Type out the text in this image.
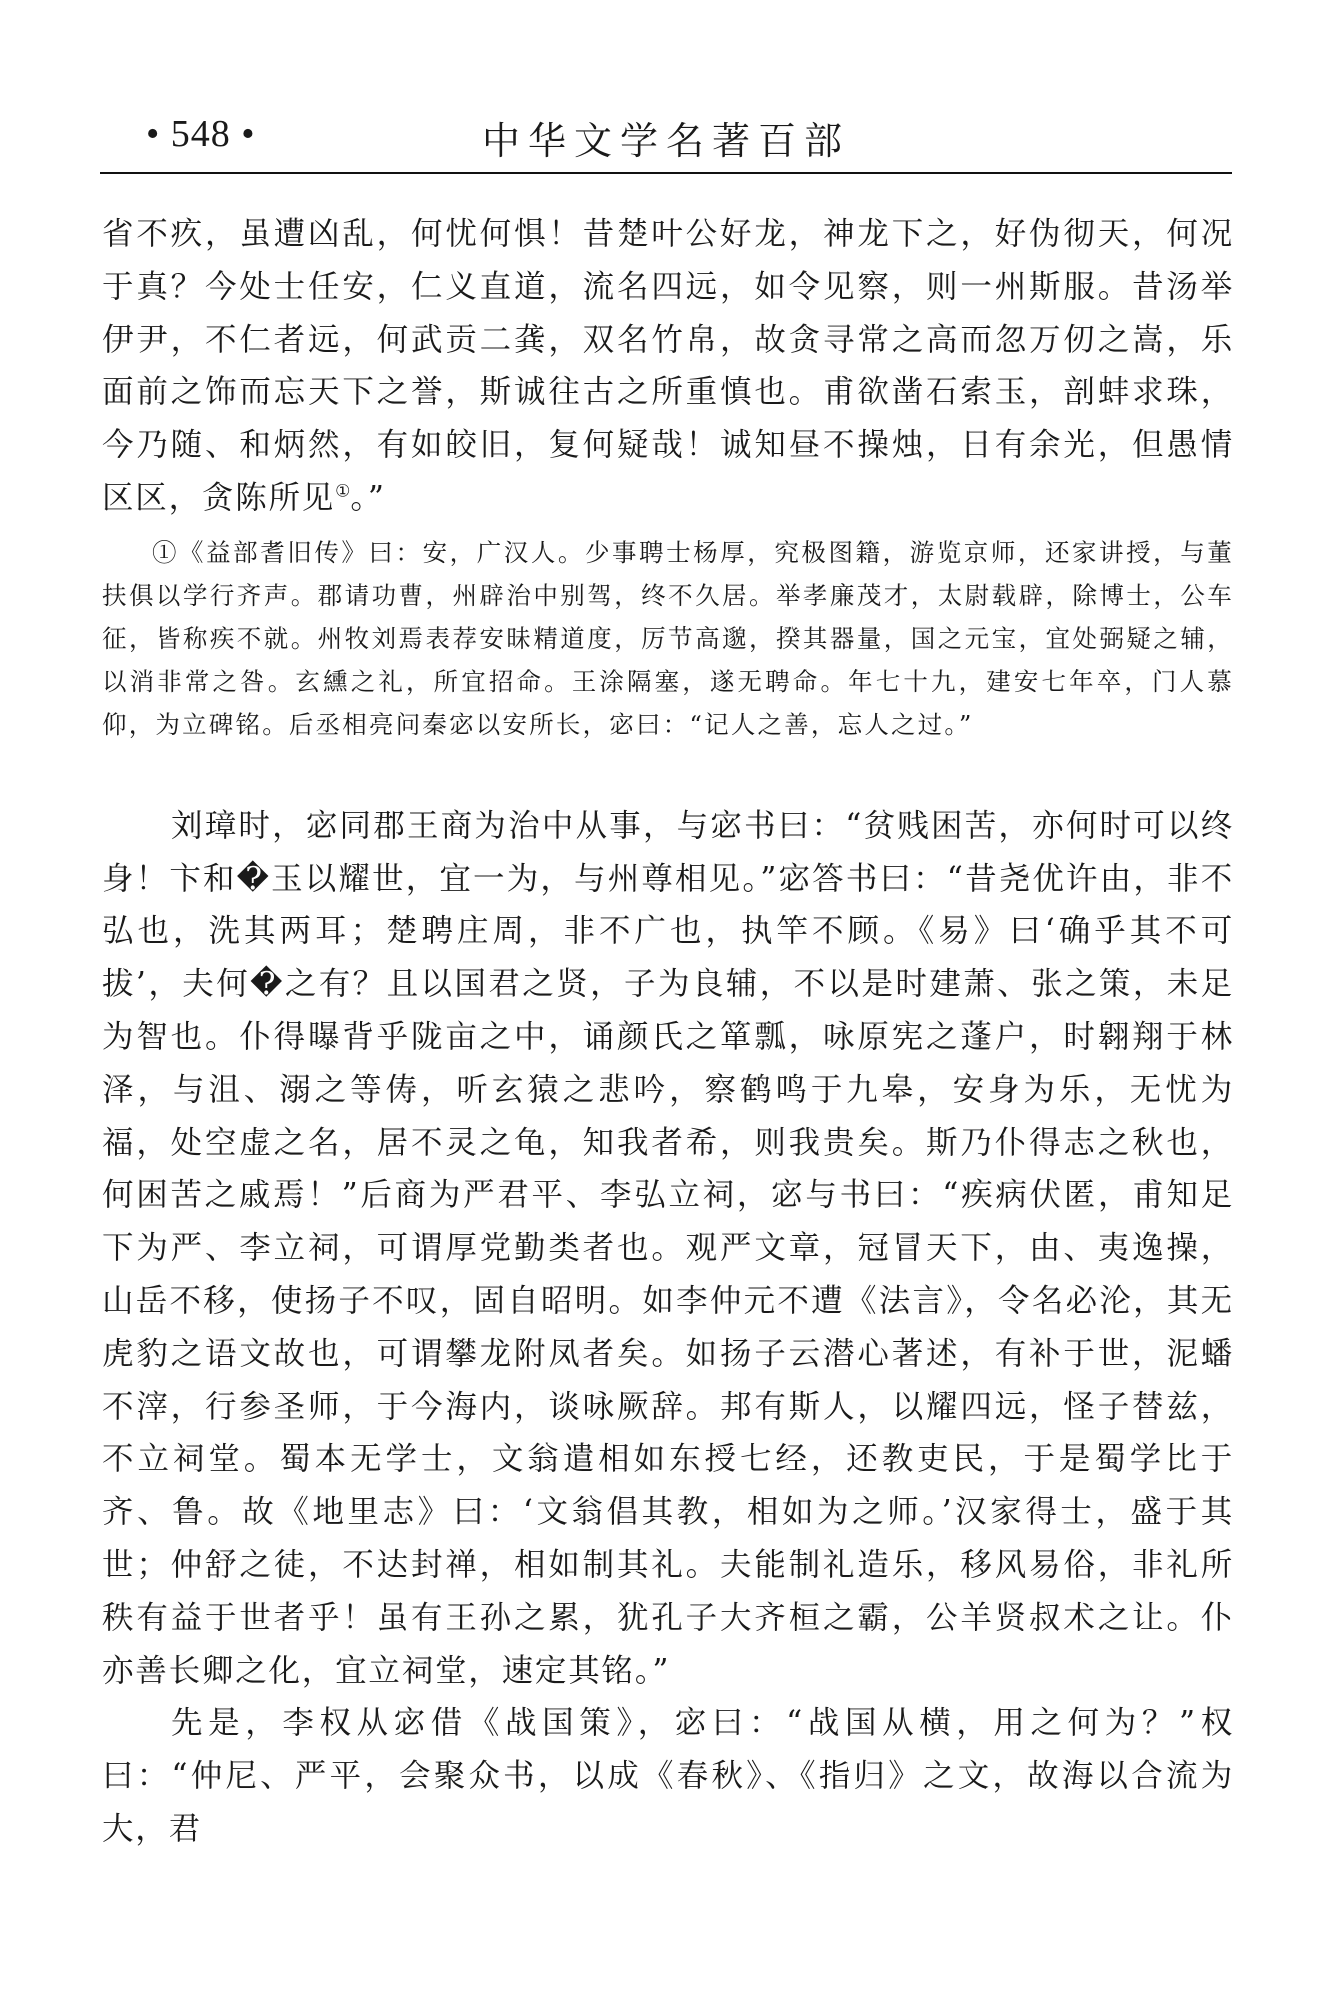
• 548 •	中华文学名著百部

省不疚，虽遭凶乱，何忧何惧！昔楚叶公好龙，神龙下之，好伪彻天，何况于真？今处士任安，仁义直道，流名四远，如令见察，则一州斯服。昔汤举伊尹，不仁者远，何武贡二龚，双名竹帛，故贪寻常之高而忽万仞之嵩，乐面前之饰而忘天下之誉，斯诚往古之所重慎也。甫欲凿石索玉，剖蚌求珠，今乃随、和炳然，有如皎旧，复何疑哉！诚知昼不操烛，日有余光，但愚情区区，贪陈所见①。”

①《益部耆旧传》曰：安，广汉人。少事聘士杨厚，究极图籍，游览京师，还家讲授，与董扶俱以学行齐声。郡请功曹，州辟治中别驾，终不久居。举孝廉茂才，太尉载辟，除博士，公车征，皆称疾不就。州牧刘焉表荐安昧精道度，厉节高邈，揆其器量，国之元宝，宜处弼疑之辅，以消非常之咎。玄纁之礼，所宜招命。王涂隔塞，遂无聘命。年七十九，建安七年卒，门人慕仰，为立碑铭。后丞相亮问秦宓以安所长，宓曰：“记人之善，忘人之过。”

刘璋时，宓同郡王商为治中从事，与宓书曰：“贫贱困苦，亦何时可以终身！卞和�玉以耀世，宜一为，与州尊相见。”宓答书曰：“昔尧优许由，非不弘也，洗其两耳；楚聘庄周，非不广也，执竿不顾。《易》曰‘确乎其不可拔’，夫何�之有？且以国君之贤，子为良辅，不以是时建萧、张之策，未足为智也。仆得曝背乎陇亩之中，诵颜氏之箪瓢，咏原宪之蓬户，时翱翔于林泽，与沮、溺之等俦，听玄猿之悲吟，察鹤鸣于九皋，安身为乐，无忧为福，处空虚之名，居不灵之龟，知我者希，则我贵矣。斯乃仆得志之秋也，何困苦之戚焉！”后商为严君平、李弘立祠，宓与书曰：“疾病伏匿，甫知足下为严、李立祠，可谓厚党勤类者也。观严文章，冠冒天下，由、夷逸操，山岳不移，使扬子不叹，固自昭明。如李仲元不遭《法言》，令名必沦，其无虎豹之语文故也，可谓攀龙附凤者矣。如扬子云潜心著述，有补于世，泥蟠不滓，行参圣师，于今海内，谈咏厥辞。邦有斯人，以耀四远，怪子替兹，不立祠堂。蜀本无学士，文翁遣相如东授七经，还教吏民，于是蜀学比于齐、鲁。故《地里志》曰：‘文翁倡其教，相如为之师。’汉家得士，盛于其世；仲舒之徒，不达封禅，相如制其礼。夫能制礼造乐，移风易俗，非礼所秩有益于世者乎！虽有王孙之累，犹孔子大齐桓之霸，公羊贤叔术之让。仆亦善长卿之化，宜立祠堂，速定其铭。”

先是，李权从宓借《战国策》，宓曰：“战国从横，用之何为？”权曰：“仲尼、严平，会聚众书，以成《春秋》、《指归》之文，故海以合流为大，君
